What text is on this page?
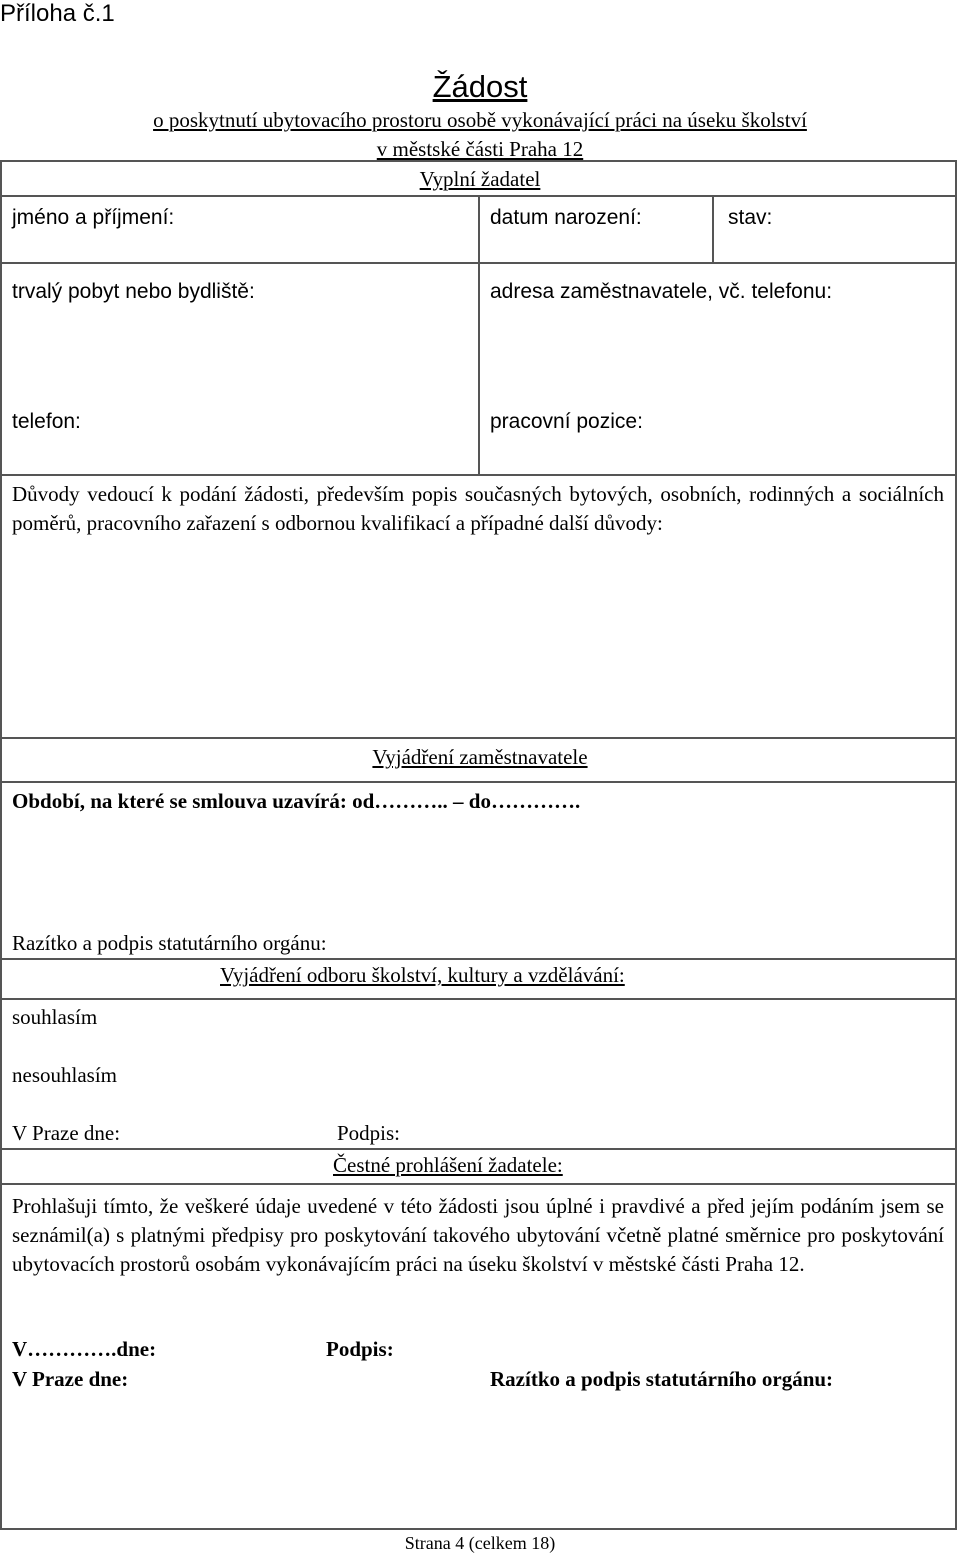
Příloha č.1
Žádost
o poskytnutí ubytovacího prostoru osobě vykonávající práci na úseku školství
v městské části Praha 12
Vyplní žadatel
jméno a příjmení:	datum narození:	stav:
trvalý pobyt nebo bydliště:	adresa zaměstnavatele, vč. telefonu:
telefon:	pracovní pozice:
Důvody vedoucí k podání žádosti, především popis současných bytových, osobních, rodinných a sociálních poměrů, pracovního zařazení s odbornou kvalifikací a případné další důvody:
Vyjádření zaměstnavatele
Období, na které se smlouva uzavírá: od……….. – do………….
Razítko a podpis statutárního orgánu:
Vyjádření odboru školství, kultury a vzdělávání:
souhlasím
nesouhlasím
V Praze dne:	Podpis:
Čestné prohlášení žadatele:
Prohlašuji tímto, že veškeré údaje uvedené v této žádosti jsou úplné i pravdivé a před jejím podáním jsem se seznámil(a) s platnými předpisy pro poskytování takového ubytování včetně platné směrnice pro poskytování ubytovacích prostorů osobám vykonávajícím práci na úseku školství v městské části Praha 12.
V………….dne:	Podpis:
V Praze dne:	Razítko a podpis statutárního orgánu:
Strana 4 (celkem 18)
